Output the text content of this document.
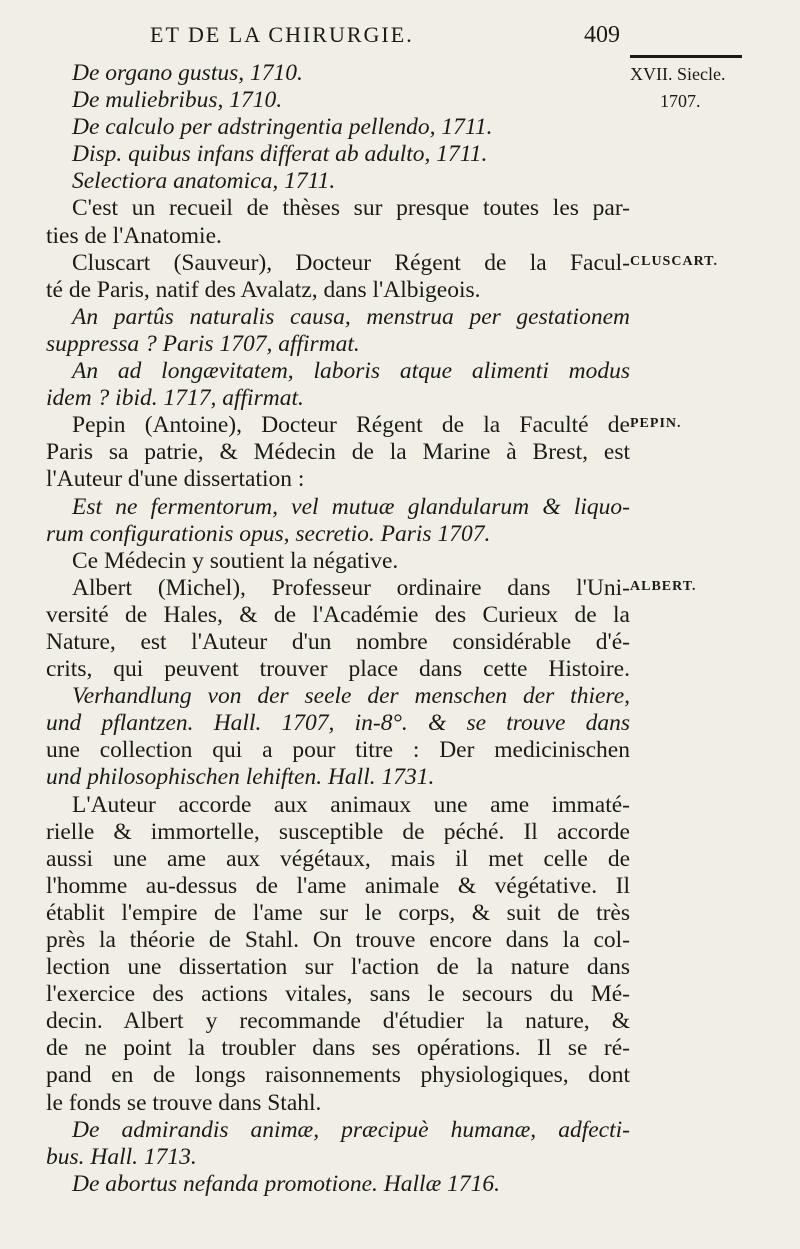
ET DE LA CHIRURGIE.	409
De organo gustus, 1710.
De muliebribus, 1710.
De calculo per adstringentia pellendo, 1711.
Disp. quibus infans differat ab adulto, 1711.
Selectiora anatomica, 1711.
C'est un recueil de thèses sur presque toutes les par-
ties de l'Anatomie.
Cluscart (Sauveur), Docteur Régent de la Facul-
té de Paris, natif des Avalatz, dans l'Albigeois.
An partûs naturalis causa, menstrua per gestationem
suppressa ? Paris 1707, affirmat.
An ad longævitatem, laboris atque alimenti modus
idem ? ibid. 1717, affirmat.
Pepin (Antoine), Docteur Régent de la Faculté de
Paris sa patrie, & Médecin de la Marine à Brest, est
l'Auteur d'une dissertation :
Est ne fermentorum, vel mutuæ glandularum & liquo-
rum configurationis opus, secretio. Paris 1707.
Ce Médecin y soutient la négative.
Albert (Michel), Professeur ordinaire dans l'Uni-
versité de Hales, & de l'Académie des Curieux de la
Nature, est l'Auteur d'un nombre considérable d'é-
crits, qui peuvent trouver place dans cette Histoire.
Verhandlung von der seele der menschen der thiere,
und pflantzen. Hall. 1707, in-8°. & se trouve dans
une collection qui a pour titre : Der medicinischen
und philosophischen lehiften. Hall. 1731.
L'Auteur accorde aux animaux une ame immaté-
rielle & immortelle, susceptible de péché. Il accorde
aussi une ame aux végétaux, mais il met celle de
l'homme au-dessus de l'ame animale & végétative. Il
établit l'empire de l'ame sur le corps, & suit de très
près la théorie de Stahl. On trouve encore dans la col-
lection une dissertation sur l'action de la nature dans
l'exercice des actions vitales, sans le secours du Mé-
decin. Albert y recommande d'étudier la nature, &
de ne point la troubler dans ses opérations. Il se ré-
pand en de longs raisonnements physiologiques, dont
le fonds se trouve dans Stahl.
De admirandis animæ, præcipuè humanæ, adfecti-
bus. Hall. 1713.
De abortus nefanda promotione. Hallæ 1716.
XVII. Siecle.
1707.
CLUSCART.
PEPIN.
ALBERT.
